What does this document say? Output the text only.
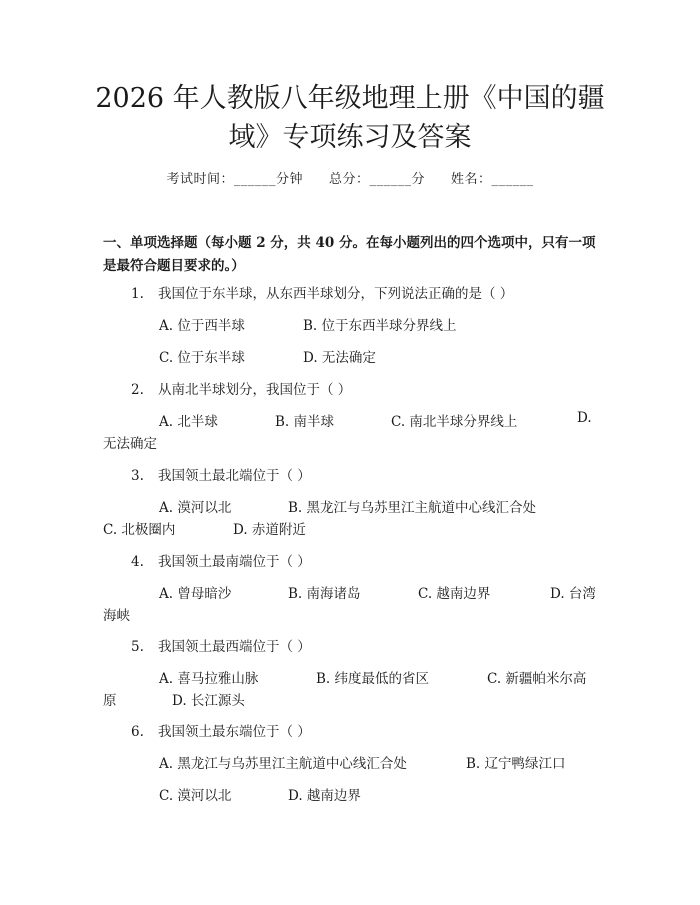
2026 年人教版八年级地理上册《中国的疆
域》专项练习及答案
考试时间：______分钟 总分：______分 姓名：______
一、单项选择题（每小题 2 分，共 40 分。在每小题列出的四个选项中，只有一项是最符合题目要求的。）
1. 我国位于东半球，从东西半球划分，下列说法正确的是（ ）
A. 位于西半球	B. 位于东西半球分界线上
C. 位于东半球	D. 无法确定
2. 从南北半球划分，我国位于（ ）
A. 北半球	B. 南半球	C. 南北半球分界线上	D.
无法确定
3. 我国领土最北端位于（ ）
A. 漠河以北	B. 黑龙江与乌苏里江主航道中心线汇合处
C. 北极圈内	D. 赤道附近
4. 我国领土最南端位于（ ）
A. 曾母暗沙	B. 南海诸岛	C. 越南边界	D. 台湾
海峡
5. 我国领土最西端位于（ ）
A. 喜马拉雅山脉	B. 纬度最低的省区	C. 新疆帕米尔高
原	D. 长江源头
6. 我国领土最东端位于（ ）
A. 黑龙江与乌苏里江主航道中心线汇合处	B. 辽宁鸭绿江口
C. 漠河以北	D. 越南边界
